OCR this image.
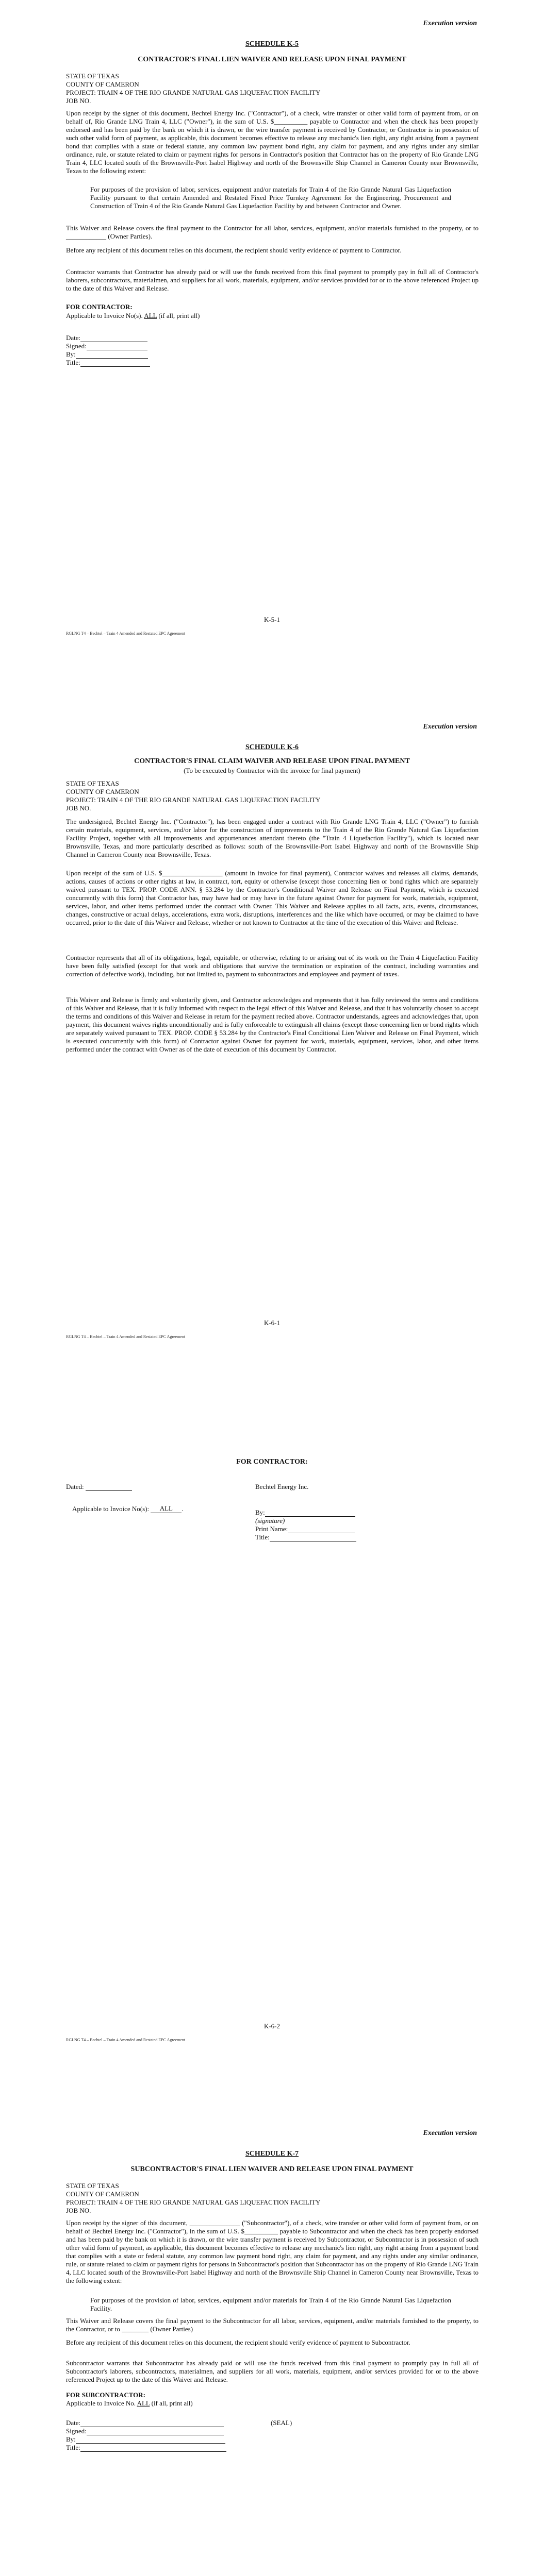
Execution version
SCHEDULE K-5
CONTRACTOR'S FINAL LIEN WAIVER AND RELEASE UPON FINAL PAYMENT
STATE OF TEXAS
COUNTY OF CAMERON
PROJECT: TRAIN 4 OF THE RIO GRANDE NATURAL GAS LIQUEFACTION FACILITY
JOB NO.
Upon receipt by the signer of this document, Bechtel Energy Inc. ("Contractor"), of a check, wire transfer or other valid form of payment from, or on behalf of, Rio Grande LNG Train 4, LLC ("Owner"), in the sum of U.S. $__________ payable to Contractor and when the check has been properly endorsed and has been paid by the bank on which it is drawn, or the wire transfer payment is received by Contractor, or Contractor is in possession of such other valid form of payment, as applicable, this document becomes effective to release any mechanic's lien right, any right arising from a payment bond that complies with a state or federal statute, any common law payment bond right, any claim for payment, and any rights under any similar ordinance, rule, or statute related to claim or payment rights for persons in Contractor's position that Contractor has on the property of Rio Grande LNG Train 4, LLC located south of the Brownsville-Port Isabel Highway and north of the Brownsville Ship Channel in Cameron County near Brownsville, Texas to the following extent:
For purposes of the provision of labor, services, equipment and/or materials for Train 4 of the Rio Grande Natural Gas Liquefaction Facility pursuant to that certain Amended and Restated Fixed Price Turnkey Agreement for the Engineering, Procurement and Construction of Train 4 of the Rio Grande Natural Gas Liquefaction Facility by and between Contractor and Owner.
This Waiver and Release covers the final payment to the Contractor for all labor, services, equipment, and/or materials furnished to the property, or to ____________ (Owner Parties).
Before any recipient of this document relies on this document, the recipient should verify evidence of payment to Contractor.
Contractor warrants that Contractor has already paid or will use the funds received from this final payment to promptly pay in full all of Contractor's laborers, subcontractors, materialmen, and suppliers for all work, materials, equipment, and/or services provided for or to the above referenced Project up to the date of this Waiver and Release.
FOR CONTRACTOR:
Applicable to Invoice No(s). ALL (if all, print all)
Date:
Signed:
By:
Title:
K-5-1
RGLNG T4 – Bechtel – Train 4 Amended and Restated EPC Agreement
Execution version
SCHEDULE K-6
CONTRACTOR'S FINAL CLAIM WAIVER AND RELEASE UPON FINAL PAYMENT
(To be executed by Contractor with the invoice for final payment)
STATE OF TEXAS
COUNTY OF CAMERON
PROJECT: TRAIN 4 OF THE RIO GRANDE NATURAL GAS LIQUEFACTION FACILITY
JOB NO.
The undersigned, Bechtel Energy Inc. ("Contractor"), has been engaged under a contract with Rio Grande LNG Train 4, LLC ("Owner") to furnish certain materials, equipment, services, and/or labor for the construction of improvements to the Train 4 of the Rio Grande Natural Gas Liquefaction Facility Project, together with all improvements and appurtenances attendant thereto (the "Train 4 Liquefaction Facility"), which is located near Brownsville, Texas, and more particularly described as follows: south of the Brownsville-Port Isabel Highway and north of the Brownsville Ship Channel in Cameron County near Brownsville, Texas.
Upon receipt of the sum of U.S. $__________________ (amount in invoice for final payment), Contractor waives and releases all claims, demands, actions, causes of actions or other rights at law, in contract, tort, equity or otherwise (except those concerning lien or bond rights which are separately waived pursuant to TEX. PROP. CODE ANN. § 53.284 by the Contractor's Conditional Waiver and Release on Final Payment, which is executed concurrently with this form) that Contractor has, may have had or may have in the future against Owner for payment for work, materials, equipment, services, labor, and other items performed under the contract with Owner. This Waiver and Release applies to all facts, acts, events, circumstances, changes, constructive or actual delays, accelerations, extra work, disruptions, interferences and the like which have occurred, or may be claimed to have occurred, prior to the date of this Waiver and Release, whether or not known to Contractor at the time of the execution of this Waiver and Release.
Contractor represents that all of its obligations, legal, equitable, or otherwise, relating to or arising out of its work on the Train 4 Liquefaction Facility have been fully satisfied (except for that work and obligations that survive the termination or expiration of the contract, including warranties and correction of defective work), including, but not limited to, payment to subcontractors and employees and payment of taxes.
This Waiver and Release is firmly and voluntarily given, and Contractor acknowledges and represents that it has fully reviewed the terms and conditions of this Waiver and Release, that it is fully informed with respect to the legal effect of this Waiver and Release, and that it has voluntarily chosen to accept the terms and conditions of this Waiver and Release in return for the payment recited above. Contractor understands, agrees and acknowledges that, upon payment, this document waives rights unconditionally and is fully enforceable to extinguish all claims (except those concerning lien or bond rights which are separately waived pursuant to TEX. PROP. CODE § 53.284 by the Contractor's Final Conditional Lien Waiver and Release on Final Payment, which is executed concurrently with this form) of Contractor against Owner for payment for work, materials, equipment, services, labor, and other items performed under the contract with Owner as of the date of execution of this document by Contractor.
K-6-1
RGLNG T4 – Bechtel – Train 4 Amended and Restated EPC Agreement
FOR CONTRACTOR:
Dated:	Bechtel Energy Inc.
Applicable to Invoice No(s): ALL .	By:
(signature)
Print Name:
Title:
K-6-2
RGLNG T4 – Bechtel – Train 4 Amended and Restated EPC Agreement
Execution version
SCHEDULE K-7
SUBCONTRACTOR'S FINAL LIEN WAIVER AND RELEASE UPON FINAL PAYMENT
STATE OF TEXAS
COUNTY OF CAMERON
PROJECT: TRAIN 4 OF THE RIO GRANDE NATURAL GAS LIQUEFACTION FACILITY
JOB NO.
Upon receipt by the signer of this document, _______________ ("Subcontractor"), of a check, wire transfer or other valid form of payment from, or on behalf of Bechtel Energy Inc. ("Contractor"), in the sum of U.S. $__________ payable to Subcontractor and when the check has been properly endorsed and has been paid by the bank on which it is drawn, or the wire transfer payment is received by Subcontractor, or Subcontractor is in possession of such other valid form of payment, as applicable, this document becomes effective to release any mechanic's lien right, any right arising from a payment bond that complies with a state or federal statute, any common law payment bond right, any claim for payment, and any rights under any similar ordinance, rule, or statute related to claim or payment rights for persons in Subcontractor's position that Subcontractor has on the property of Rio Grande LNG Train 4, LLC located south of the Brownsville-Port Isabel Highway and north of the Brownsville Ship Channel in Cameron County near Brownsville, Texas to the following extent:
For purposes of the provision of labor, services, equipment and/or materials for Train 4 of the Rio Grande Natural Gas Liquefaction Facility.
This Waiver and Release covers the final payment to the Subcontractor for all labor, services, equipment, and/or materials furnished to the property, to the Contractor, or to ________ (Owner Parties)
Before any recipient of this document relies on this document, the recipient should verify evidence of payment to Subcontractor.
Subcontractor warrants that Subcontractor has already paid or will use the funds received from this final payment to promptly pay in full all of Subcontractor's laborers, subcontractors, materialmen, and suppliers for all work, materials, equipment, and/or services provided for or to the above referenced Project up to the date of this Waiver and Release.
FOR SUBCONTRACTOR:
Applicable to Invoice No. ALL (if all, print all)
Date:	(SEAL)
Signed:
By:
Title:
